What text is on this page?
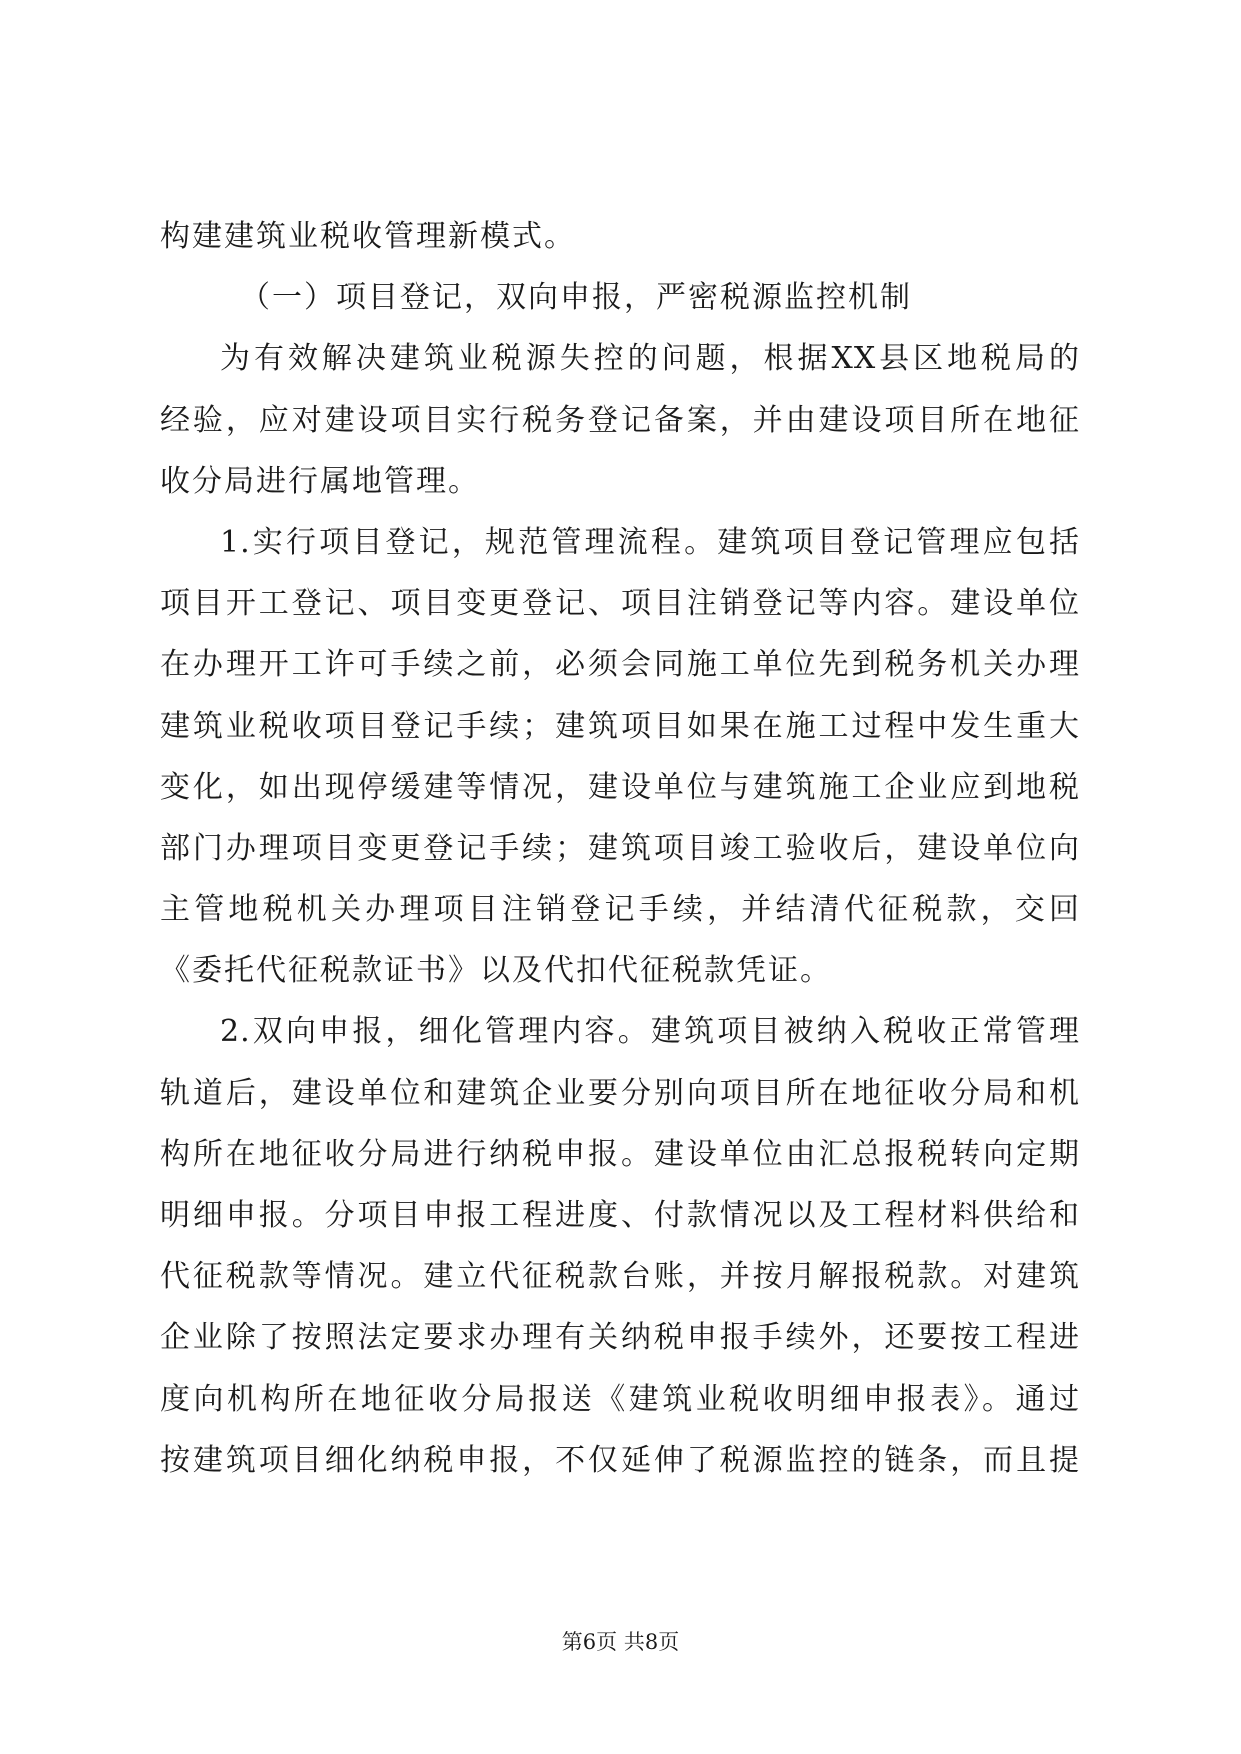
构建建筑业税收管理新模式。
（一）项目登记，双向申报，严密税源监控机制
为有效解决建筑业税源失控的问题，根据XX县区地税局的
经验，应对建设项目实行税务登记备案，并由建设项目所在地征
收分局进行属地管理。
1.实行项目登记，规范管理流程。建筑项目登记管理应包括
项目开工登记、项目变更登记、项目注销登记等内容。建设单位
在办理开工许可手续之前，必须会同施工单位先到税务机关办理
建筑业税收项目登记手续；建筑项目如果在施工过程中发生重大
变化，如出现停缓建等情况，建设单位与建筑施工企业应到地税
部门办理项目变更登记手续；建筑项目竣工验收后，建设单位向
主管地税机关办理项目注销登记手续，并结清代征税款，交回
《委托代征税款证书》以及代扣代征税款凭证。
2.双向申报，细化管理内容。建筑项目被纳入税收正常管理
轨道后，建设单位和建筑企业要分别向项目所在地征收分局和机
构所在地征收分局进行纳税申报。建设单位由汇总报税转向定期
明细申报。分项目申报工程进度、付款情况以及工程材料供给和
代征税款等情况。建立代征税款台账，并按月解报税款。对建筑
企业除了按照法定要求办理有关纳税申报手续外，还要按工程进
度向机构所在地征收分局报送《建筑业税收明细申报表》。通过
按建筑项目细化纳税申报，不仅延伸了税源监控的链条，而且提
第6页 共8页
